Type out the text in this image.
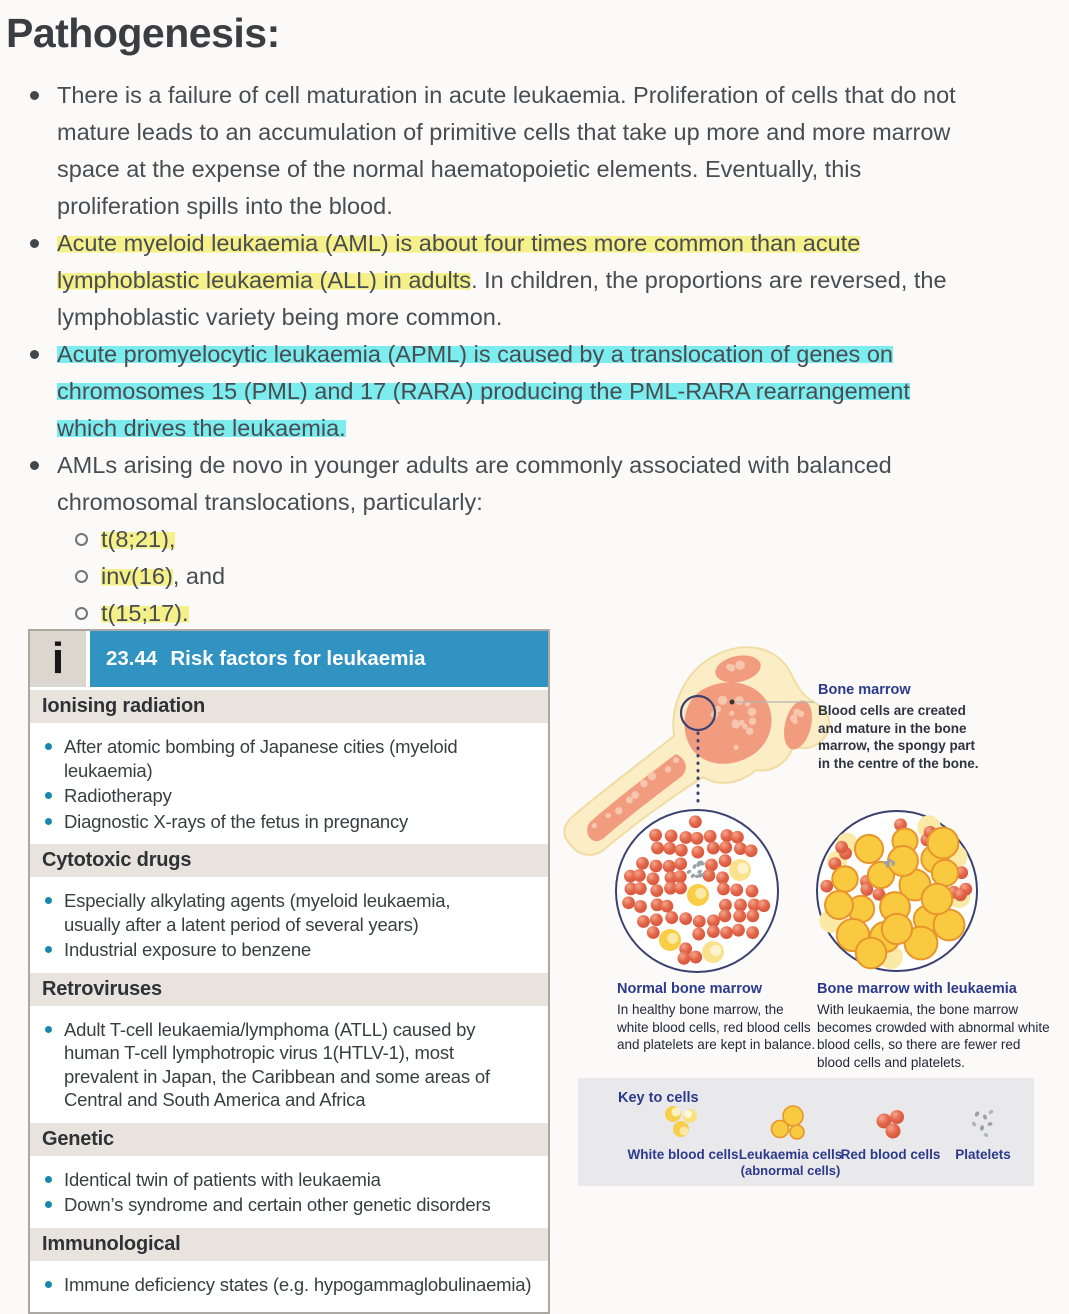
Pathogenesis:
There is a failure of cell maturation in acute leukaemia. Proliferation of cells that do not mature leads to an accumulation of primitive cells that take up more and more marrow space at the expense of the normal haematopoietic elements. Eventually, this proliferation spills into the blood.
Acute myeloid leukaemia (AML) is about four times more common than acute lymphoblastic leukaemia (ALL) in adults. In children, the proportions are reversed, the lymphoblastic variety being more common.
Acute promyelocytic leukaemia (APML) is caused by a translocation of genes on chromosomes 15 (PML) and 17 (RARA) producing the PML-RARA rearrangement which drives the leukaemia.
AMLs arising de novo in younger adults are commonly associated with balanced chromosomal translocations, particularly:
t(8;21),
inv(16), and
t(15;17).
i	23.44 Risk factors for leukaemia
Ionising radiation
After atomic bombing of Japanese cities (myeloid leukaemia)
Radiotherapy
Diagnostic X-rays of the fetus in pregnancy
Cytotoxic drugs
Especially alkylating agents (myeloid leukaemia, usually after a latent period of several years)
Industrial exposure to benzene
Retroviruses
Adult T-cell leukaemia/lymphoma (ATLL) caused by human T-cell lymphotropic virus 1(HTLV-1), most prevalent in Japan, the Caribbean and some areas of Central and South America and Africa
Genetic
Identical twin of patients with leukaemia
Down’s syndrome and certain other genetic disorders
Immunological
Immune deficiency states (e.g. hypogammaglobulinaemia)
Bone marrow
Blood cells are created and mature in the bone marrow, the spongy part in the centre of the bone.
Normal bone marrow
In healthy bone marrow, the white blood cells, red blood cells and platelets are kept in balance.
Bone marrow with leukaemia
With leukaemia, the bone marrow becomes crowded with abnormal white blood cells, so there are fewer red blood cells and platelets.
Key to cells
White blood cells Leukaemia cells
(abnormal cells)
Red blood cells	Platelets
